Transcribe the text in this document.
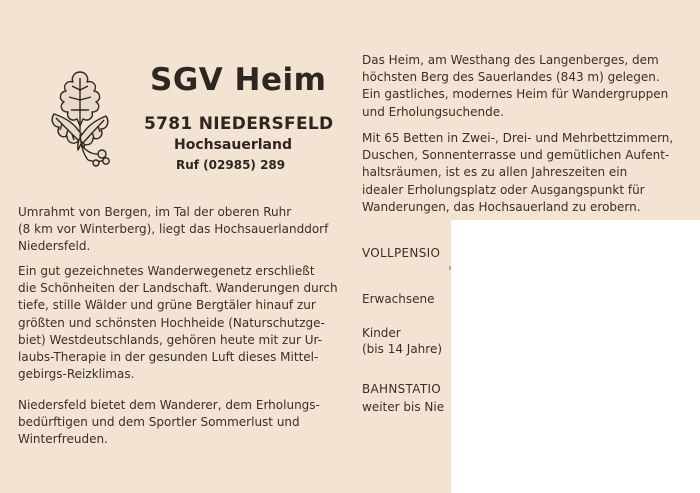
SGV Heim
5781 NIEDERSFELD
Hochsauerland
Ruf (02985) 289

Umrahmt von Bergen, im Tal der oberen Ruhr
(8 km vor Winterberg), liegt das Hochsauerlanddorf
Niedersfeld.

Ein gut gezeichnetes Wanderwegenetz erschließt
die Schönheiten der Landschaft. Wanderungen durch
tiefe, stille Wälder und grüne Bergtäler hinauf zur
größten und schönsten Hochheide (Naturschutzge-
biet) Westdeutschlands, gehören heute mit zur Ur-
laubs-Therapie in der gesunden Luft dieses Mittel-
gebirgs-Reizklimas.

Niedersfeld bietet dem Wanderer, dem Erholungs-
bedürftigen und dem Sportler Sommerlust und
Winterfreuden.

Das Heim, am Westhang des Langenberges, dem
höchsten Berg des Sauerlandes (843 m) gelegen.
Ein gastliches, modernes Heim für Wandergruppen
und Erholungsuchende.

Mit 65 Betten in Zwei-, Drei- und Mehrbettzimmern,
Duschen, Sonnenterrasse und gemütlichen Aufent-
haltsräumen, ist es zu allen Jahreszeiten ein
idealer Erholungsplatz oder Ausgangspunkt für
Wanderungen, das Hochsauerland zu erobern.

VOLLPENSIO
Erwachsene
Kinder
(bis 14 Jahre)
BAHNSTATIO
weiter bis Nie
